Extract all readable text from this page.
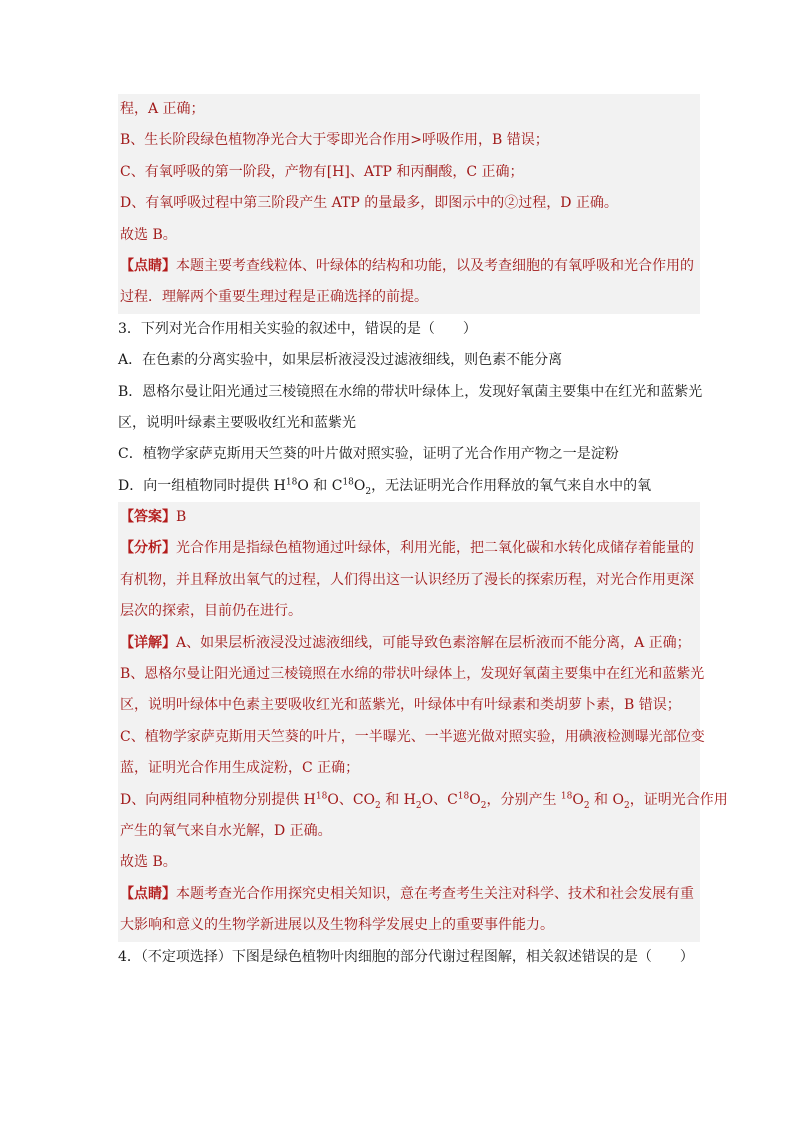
程，A 正确；
B、生长阶段绿色植物净光合大于零即光合作用>呼吸作用，B 错误；
C、有氧呼吸的第一阶段，产物有[H]、ATP 和丙酮酸，C 正确；
D、有氧呼吸过程中第三阶段产生 ATP 的量最多，即图示中的②过程，D 正确。
故选 B。
【点睛】本题主要考查线粒体、叶绿体的结构和功能，以及考查细胞的有氧呼吸和光合作用的
过程．理解两个重要生理过程是正确选择的前提。
3．下列对光合作用相关实验的叙述中，错误的是（　　）
A．在色素的分离实验中，如果层析液浸没过滤液细线，则色素不能分离
B．恩格尔曼让阳光通过三棱镜照在水绵的带状叶绿体上，发现好氧菌主要集中在红光和蓝紫光
区，说明叶绿素主要吸收红光和蓝紫光
C．植物学家萨克斯用天竺葵的叶片做对照实验，证明了光合作用产物之一是淀粉
D．向一组植物同时提供 $H^{18}O$ 和 $C^{18}O_2$，无法证明光合作用释放的氧气来自水中的氧
【答案】B
【分析】光合作用是指绿色植物通过叶绿体，利用光能，把二氧化碳和水转化成储存着能量的
有机物，并且释放出氧气的过程，人们得出这一认识经历了漫长的探索历程，对光合作用更深
层次的探索，目前仍在进行。
【详解】A、如果层析液浸没过滤液细线，可能导致色素溶解在层析液而不能分离，A 正确；
B、恩格尔曼让阳光通过三棱镜照在水绵的带状叶绿体上，发现好氧菌主要集中在红光和蓝紫光
区，说明叶绿体中色素主要吸收红光和蓝紫光，叶绿体中有叶绿素和类胡萝卜素，B 错误；
C、植物学家萨克斯用天竺葵的叶片，一半曝光、一半遮光做对照实验，用碘液检测曝光部位变
蓝，证明光合作用生成淀粉，C 正确；
D、向两组同种植物分别提供 $H^{18}O$、$CO_2$ 和 $H_2O$、$C^{18}O_2$，分别产生 $^{18}O_2$ 和 $O_2$，证明光合作用
产生的氧气来自水光解，D 正确。
故选 B。
【点睛】本题考查光合作用探究史相关知识，意在考查考生关注对科学、技术和社会发展有重
大影响和意义的生物学新进展以及生物科学发展史上的重要事件能力。
4．（不定项选择）下图是绿色植物叶肉细胞的部分代谢过程图解，相关叙述错误的是（　　）
